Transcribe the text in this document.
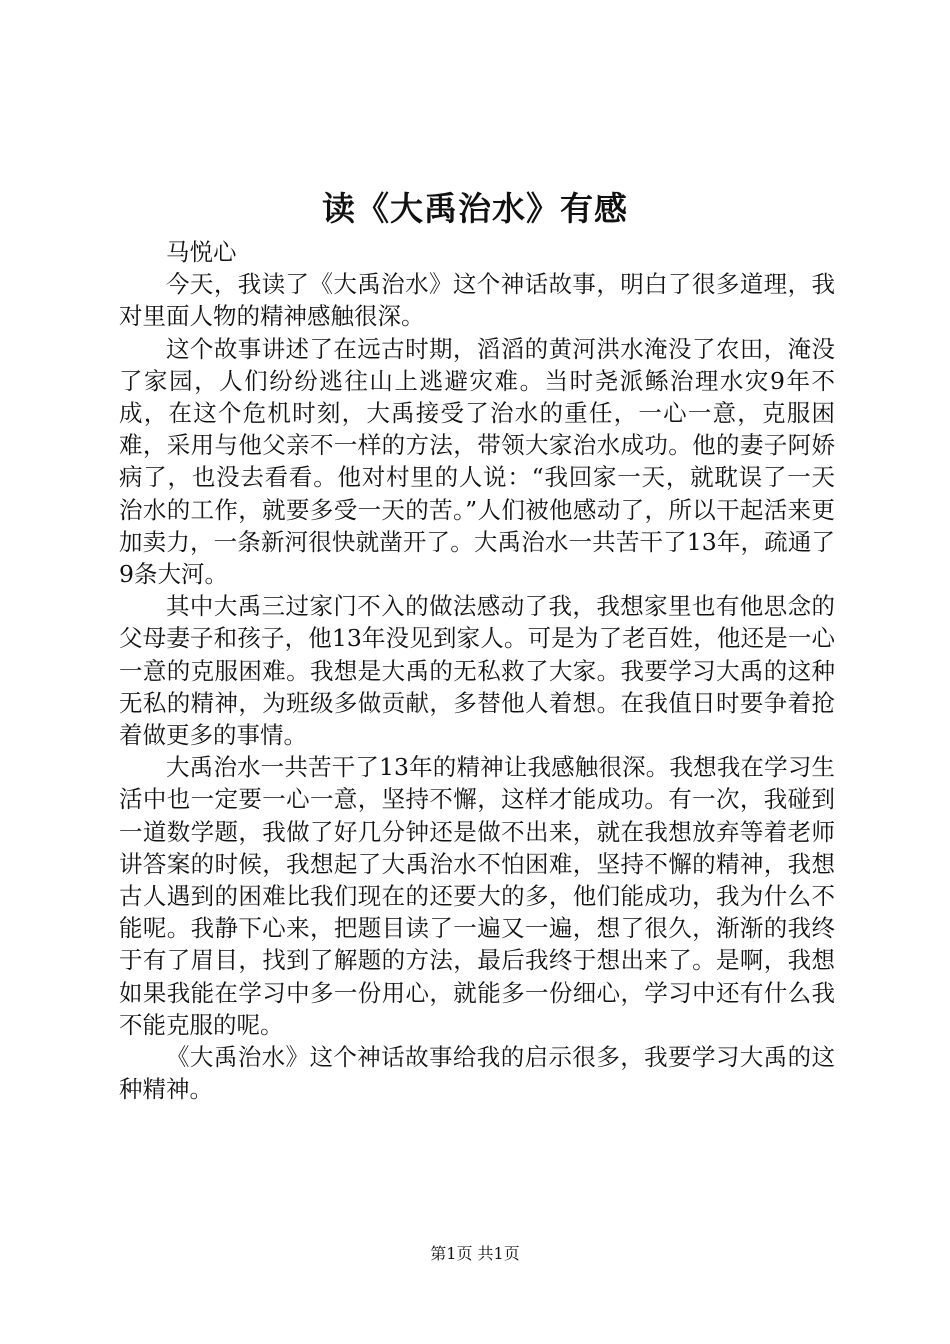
读《大禹治水》有感

马悦心

今天，我读了《大禹治水》这个神话故事，明白了很多道理，我对里面人物的精神感触很深。

这个故事讲述了在远古时期，滔滔的黄河洪水淹没了农田，淹没了家园，人们纷纷逃往山上逃避灾难。当时尧派鲧治理水灾9年不成，在这个危机时刻，大禹接受了治水的重任，一心一意，克服困难，采用与他父亲不一样的方法，带领大家治水成功。他的妻子阿娇病了，也没去看看。他对村里的人说：“我回家一天，就耽误了一天治水的工作，就要多受一天的苦。”人们被他感动了，所以干起活来更加卖力，一条新河很快就凿开了。大禹治水一共苦干了13年，疏通了9条大河。

其中大禹三过家门不入的做法感动了我，我想家里也有他思念的父母妻子和孩子，他13年没见到家人。可是为了老百姓，他还是一心一意的克服困难。我想是大禹的无私救了大家。我要学习大禹的这种无私的精神，为班级多做贡献，多替他人着想。在我值日时要争着抢着做更多的事情。

大禹治水一共苦干了13年的精神让我感触很深。我想我在学习生活中也一定要一心一意，坚持不懈，这样才能成功。有一次，我碰到一道数学题，我做了好几分钟还是做不出来，就在我想放弃等着老师讲答案的时候，我想起了大禹治水不怕困难，坚持不懈的精神，我想古人遇到的困难比我们现在的还要大的多，他们能成功，我为什么不能呢。我静下心来，把题目读了一遍又一遍，想了很久，渐渐的我终于有了眉目，找到了解题的方法，最后我终于想出来了。是啊，我想如果我能在学习中多一份用心，就能多一份细心，学习中还有什么我不能克服的呢。

《大禹治水》这个神话故事给我的启示很多，我要学习大禹的这种精神。

第1页 共1页
